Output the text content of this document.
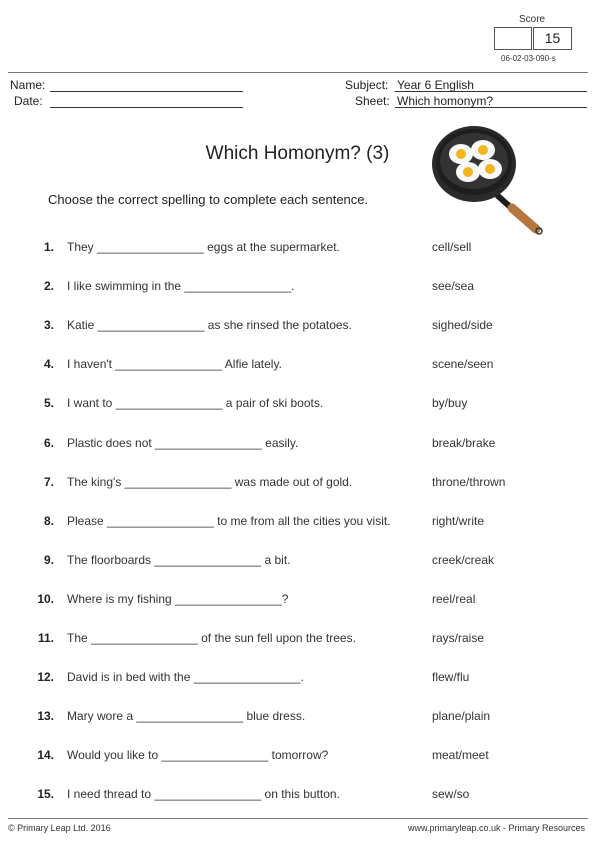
Score
15
06-02-03-090-s
Name:
Date:
Subject: Year 6 English
Sheet: Which homonym?
Which Homonym? (3)
Choose the correct spelling to complete each sentence.
1. They ________________ eggs at the supermarket.	cell/sell
2. I like swimming in the ________________.	see/sea
3. Katie ________________ as she rinsed the potatoes.	sighed/side
4. I haven't ________________ Alfie lately.	scene/seen
5. I want to ________________ a pair of ski boots.	by/buy
6. Plastic does not ________________ easily.	break/brake
7. The king's ________________ was made out of gold.	throne/thrown
8. Please ________________ to me from all the cities you visit.	right/write
9. The floorboards ________________ a bit.	creek/creak
10. Where is my fishing ________________?	reel/real
11. The ________________ of the sun fell upon the trees.	rays/raise
12. David is in bed with the ________________.	flew/flu
13. Mary wore a ________________ blue dress.	plane/plain
14. Would you like to ________________ tomorrow?	meat/meet
15. I need thread to ________________ on this button.	sew/so
© Primary Leap Ltd. 2016	www.primaryleap.co.uk - Primary Resources
